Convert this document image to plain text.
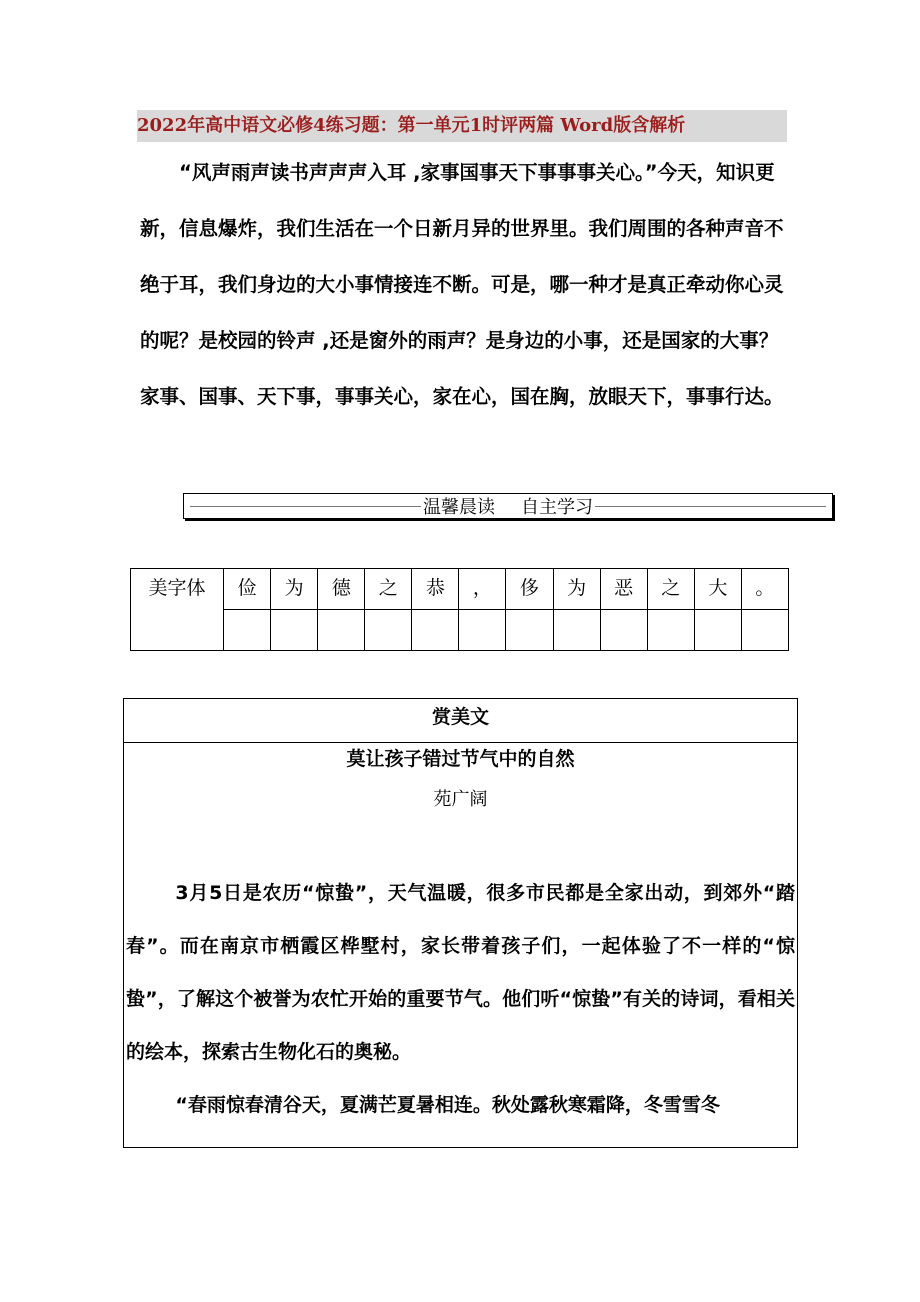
2022年高中语文必修4练习题：第一单元1时评两篇 Word版含解析

“风声雨声读书声声声入耳 ,家事国事天下事事事关心。”今天，知识更新，信息爆炸，我们生活在一个日新月异的世界里。我们周围的各种声音不绝于耳，我们身边的大小事情接连不断。可是，哪一种才是真正牵动你心灵的呢？是校园的铃声 ,还是窗外的雨声？是身边的小事，还是国家的大事？家事、国事、天下事，事事关心，家在心，国在胸，放眼天下，事事行达。

温馨晨读 自主学习
美字体	俭	为	德	之	恭	，	侈	为	恶	之	大	。

赏美文
莫让孩子错过节气中的自然
苑广阔

3月5日是农历“惊蛰”，天气温暖，很多市民都是全家出动，到郊外“踏春”。而在南京市栖霞区桦墅村，家长带着孩子们，一起体验了不一样的“惊蛰”，了解这个被誉为农忙开始的重要节气。他们听“惊蛰”有关的诗词，看相关的绘本，探索古生物化石的奥秘。

“春雨惊春清谷天，夏满芒夏暑相连。秋处露秋寒霜降，冬雪雪冬
